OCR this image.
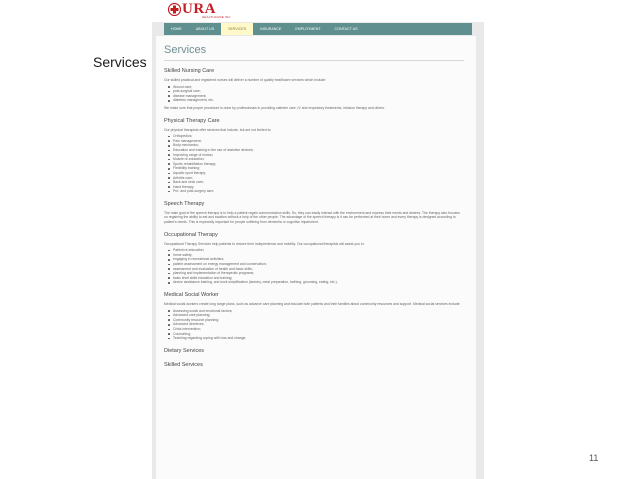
Services
URA
HEALTHCARE INC
HOME	ABOUT US	SERVICES	INSURANCE	EMPLOYMENT	CONTACT US
Services
Skilled Nursing Care
Our skilled practical and registered nurses will deliver a number of quality healthcare services which include:
Wound care;
post-surgical care;
disease management;
diabetes management, etc.
We make sure that proper procedure is done by professionals in providing catheter care, IV and respiratory treatments, infusion therapy and others.
Physical Therapy Care
Our physical therapists offer services that include, but are not limited to:
Orthopedics;
Pain management;
Body mechanics;
Education and training in the use of assistive devices;
Improving range of motion;
Muscle re-education;
Sports rehabilitation therapy;
Flexibility training;
Aquatic sport therapy;
Arthritis care;
Back and neck care;
Hand therapy;
Pre- and post-surgery care.
Speech Therapy
The main goal of the speech therapy is to help a patient regain communication skills. So, they can easily interact with the environment and express their needs and desires. The therapy also focuses on regaining the ability to eat and swallow without a help of the other people. The advantage of the speech therapy is it can be performed at their home and every therapy is designed according to patient's needs. This is especially important for people suffering from dementia or cognitive impairment.
Occupational Therapy
Occupational Therapy Services help patients to restore their independence and mobility. Our occupational therapists will assist you in:
Patient re-education;
home safety;
engaging in recreational activities;
patient assessment on energy management and conservation;
assessment and evaluation of health and basic skills;
planning and implementation of therapeutic programs;
basic level skills education and training;
device assistance training, and work simplification (laundry, meal preparation, bathing, grooming, eating, etc.).
Medical Social Worker
Medical social workers create long range plans, such as advance care planning and educate both patients and their families about community resources and support. Medical social services include:
Assessing social and emotional factors;
Advanced care planning;
Community resource planning;
Advanced directives;
Crisis intervention;
Counseling;
Teaching regarding coping with loss and change.
Dietary Services
Skilled Services
11
